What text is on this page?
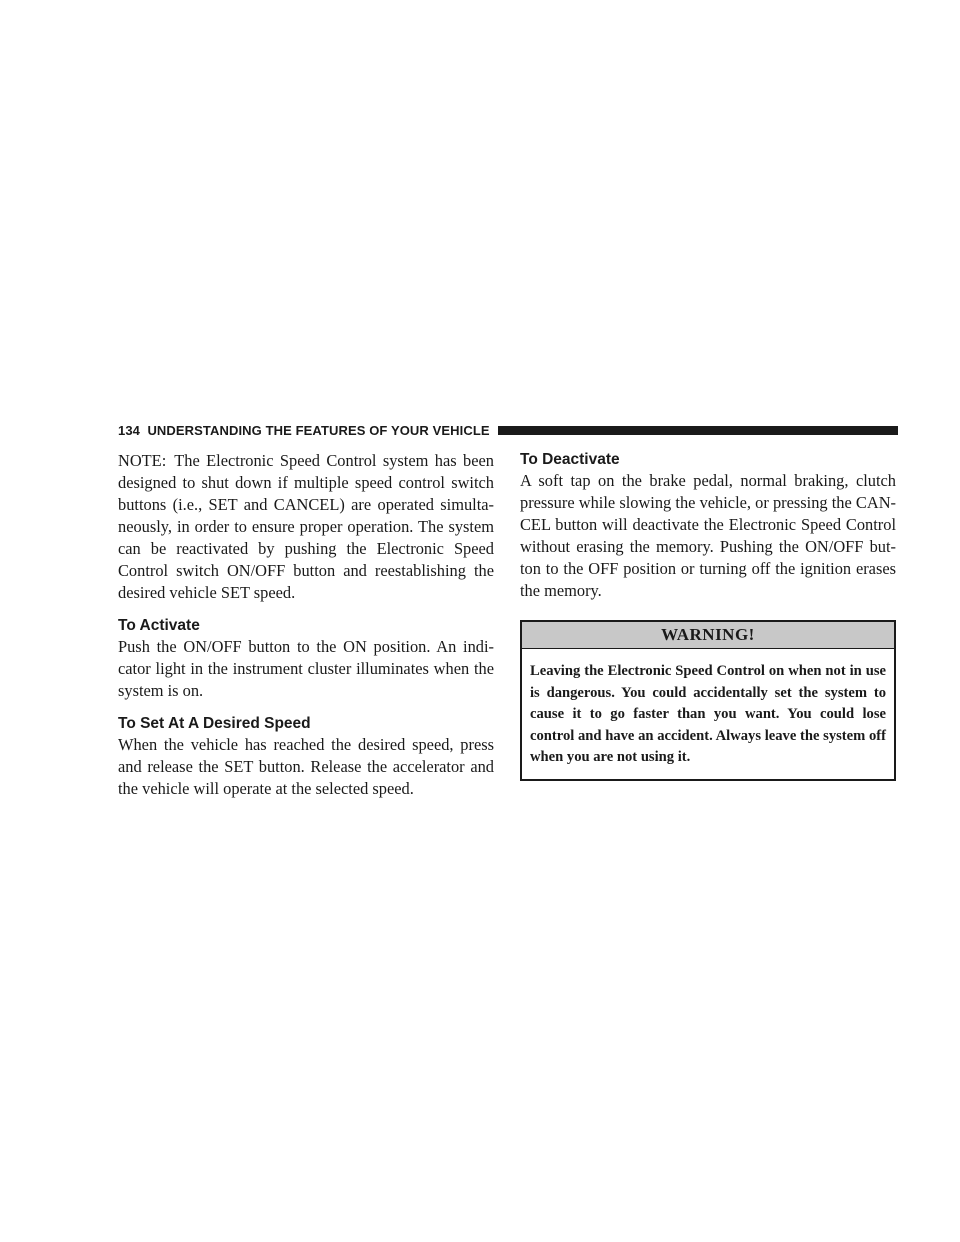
134 UNDERSTANDING THE FEATURES OF YOUR VEHICLE

NOTE: The Electronic Speed Control system has been designed to shut down if multiple speed control switch buttons (i.e., SET and CANCEL) are operated simulta-neously, in order to ensure proper operation. The system can be reactivated by pushing the Electronic Speed Control switch ON/OFF button and reestablishing the desired vehicle SET speed.

To Activate

Push the ON/OFF button to the ON position. An indi-cator light in the instrument cluster illuminates when the system is on.

To Set At A Desired Speed

When the vehicle has reached the desired speed, press and release the SET button. Release the accelerator and the vehicle will operate at the selected speed.

To Deactivate

A soft tap on the brake pedal, normal braking, clutch pressure while slowing the vehicle, or pressing the CAN-CEL button will deactivate the Electronic Speed Control without erasing the memory. Pushing the ON/OFF but-ton to the OFF position or turning off the ignition erases the memory.

WARNING!
Leaving the Electronic Speed Control on when not in use is dangerous. You could accidentally set the system to cause it to go faster than you want. You could lose control and have an accident. Always leave the system off when you are not using it.
